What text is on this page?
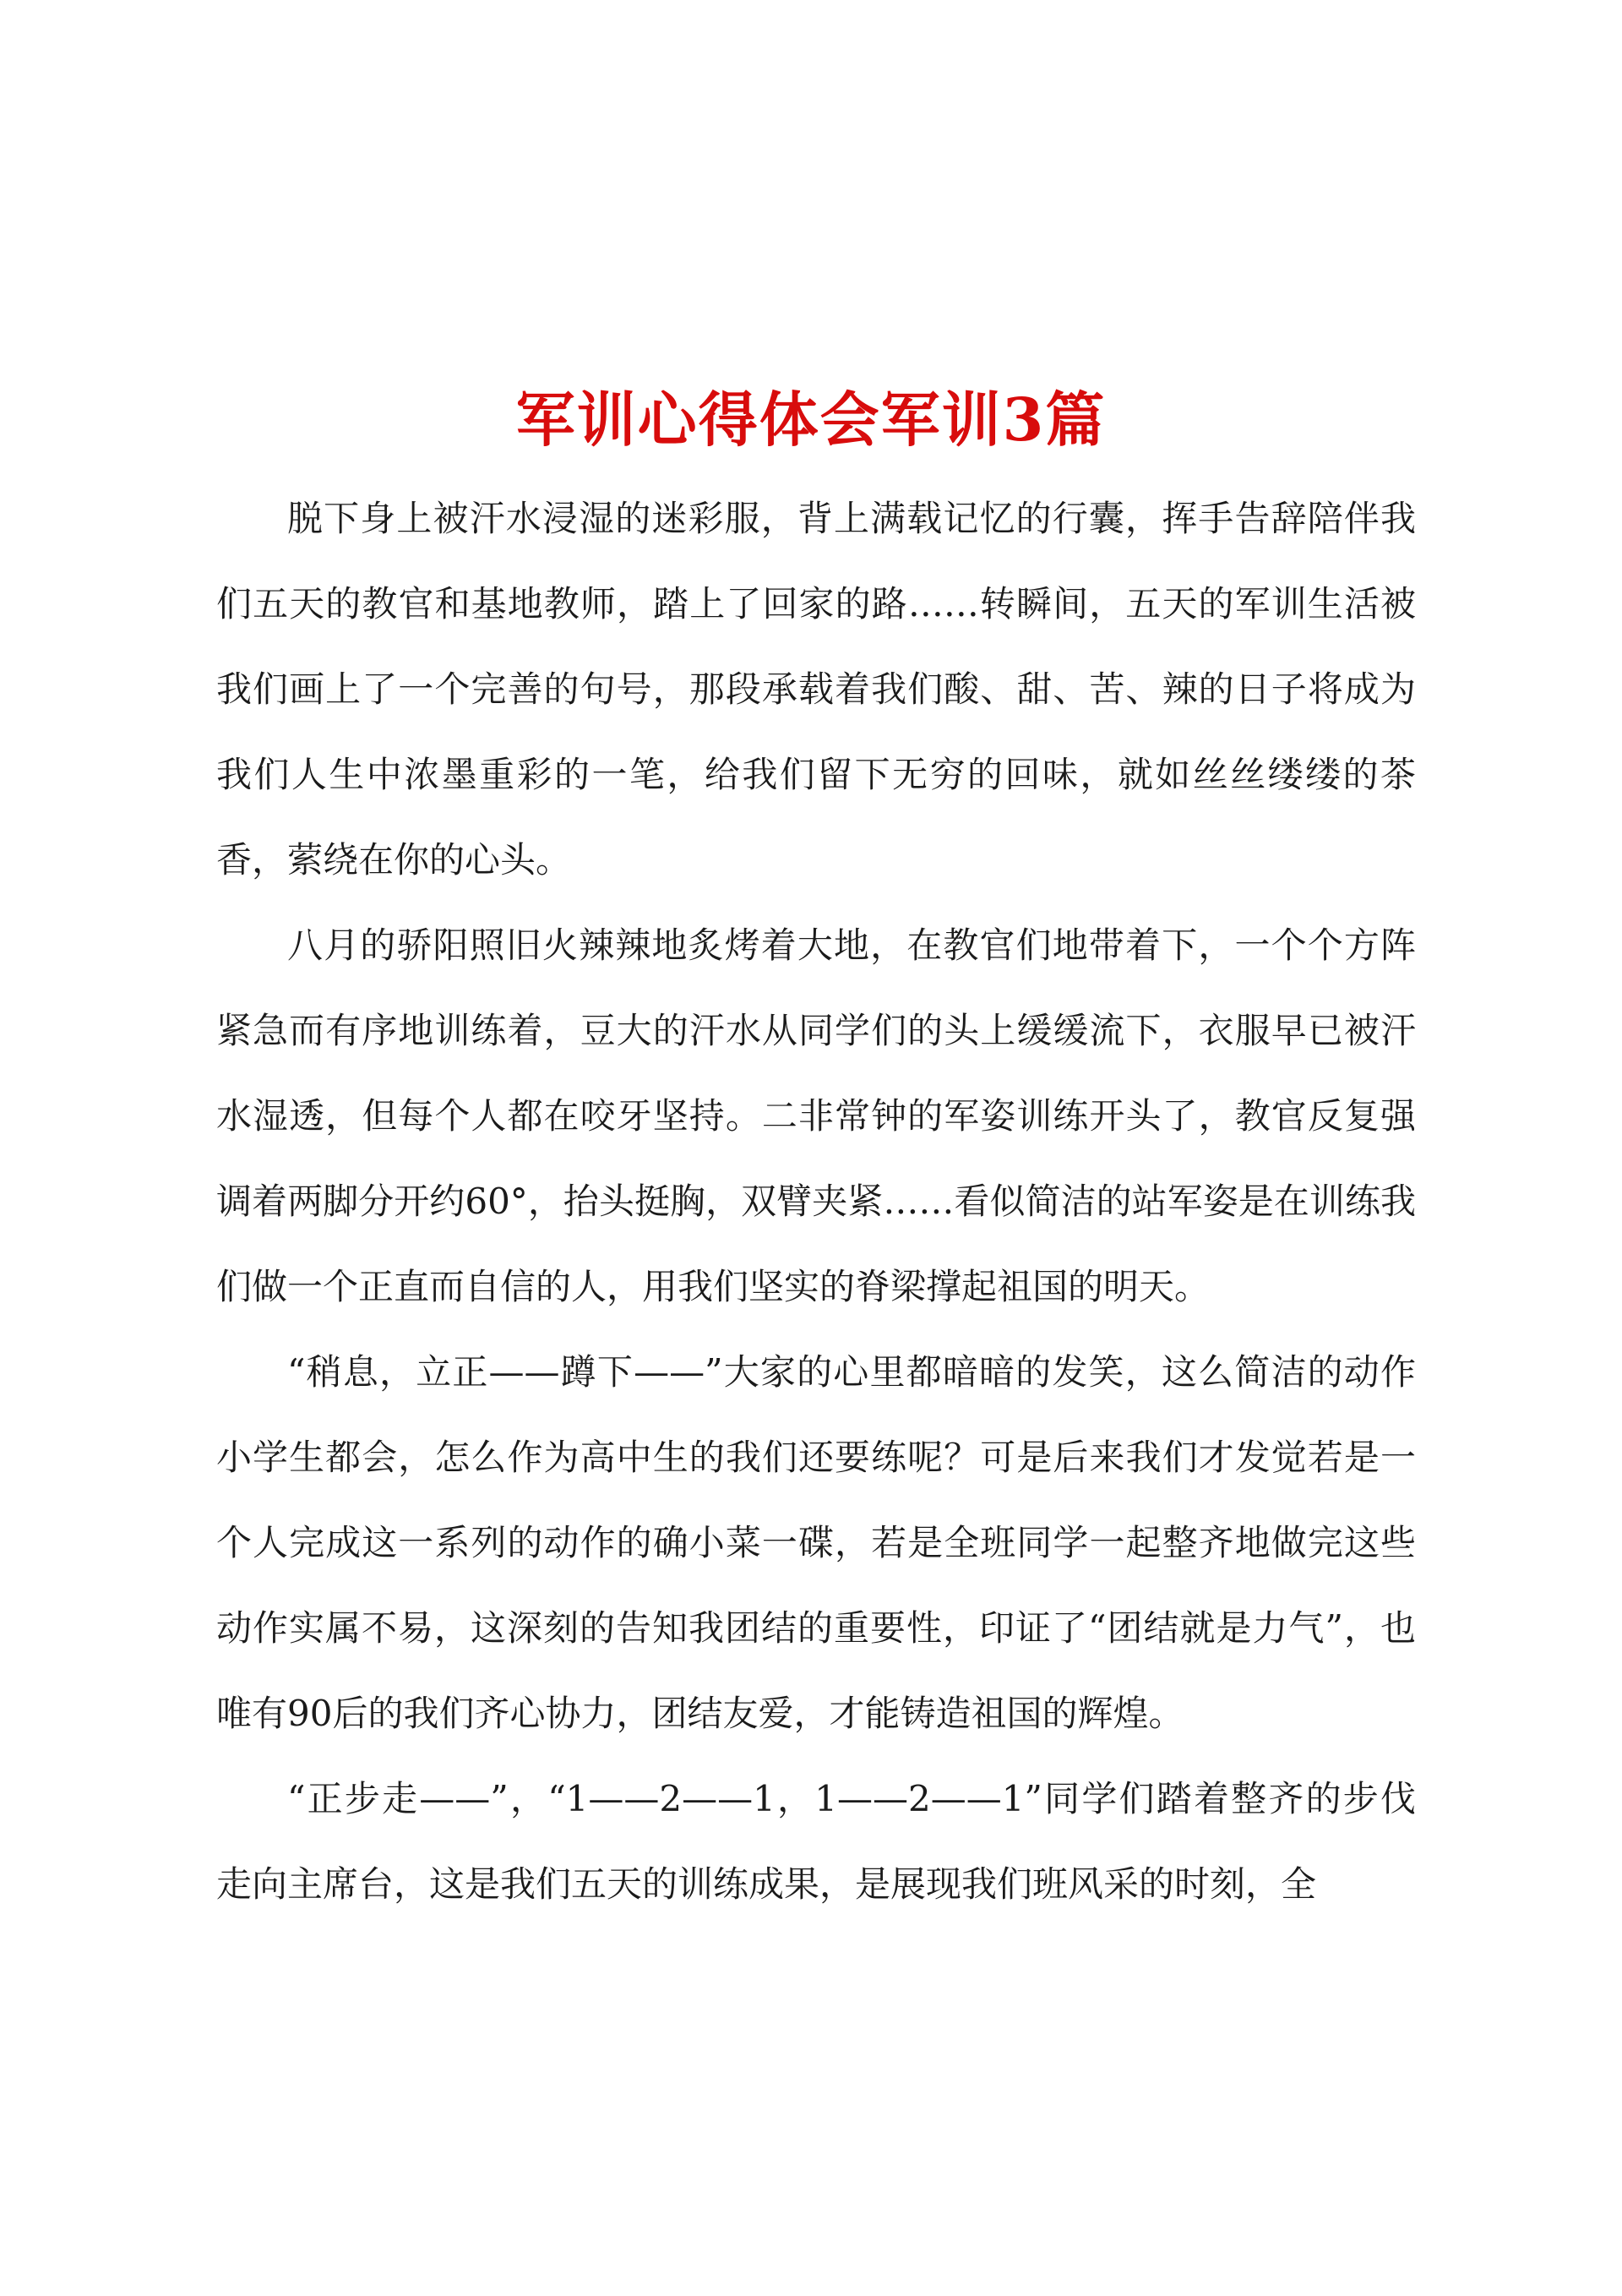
军训心得体会军训3篇

脱下身上被汗水浸湿的迷彩服，背上满载记忆的行囊，挥手告辞陪伴我们五天的教官和基地教师，踏上了回家的路……转瞬间，五天的军训生活被我们画上了一个完善的句号，那段承载着我们酸、甜、苦、辣的日子将成为我们人生中浓墨重彩的一笔，给我们留下无穷的回味，就如丝丝缕缕的茶香，萦绕在你的心头。

八月的骄阳照旧火辣辣地炙烤着大地，在教官们地带着下，一个个方阵紧急而有序地训练着，豆大的汗水从同学们的头上缓缓流下，衣服早已被汗水湿透，但每个人都在咬牙坚持。二非常钟的军姿训练开头了，教官反复强调着两脚分开约60°，抬头挺胸，双臂夹紧……看似简洁的站军姿是在训练我们做一个正直而自信的人，用我们坚实的脊梁撑起祖国的明天。

“稍息，立正——蹲下——”大家的心里都暗暗的发笑，这么简洁的动作小学生都会，怎么作为高中生的我们还要练呢？可是后来我们才发觉若是一个人完成这一系列的动作的确小菜一碟，若是全班同学一起整齐地做完这些动作实属不易，这深刻的告知我团结的重要性，印证了“团结就是力气”，也唯有90后的我们齐心协力，团结友爱，才能铸造祖国的辉煌。

“正步走——”，“1——2——1，1——2——1”同学们踏着整齐的步伐走向主席台，这是我们五天的训练成果，是展现我们班风采的时刻，全
